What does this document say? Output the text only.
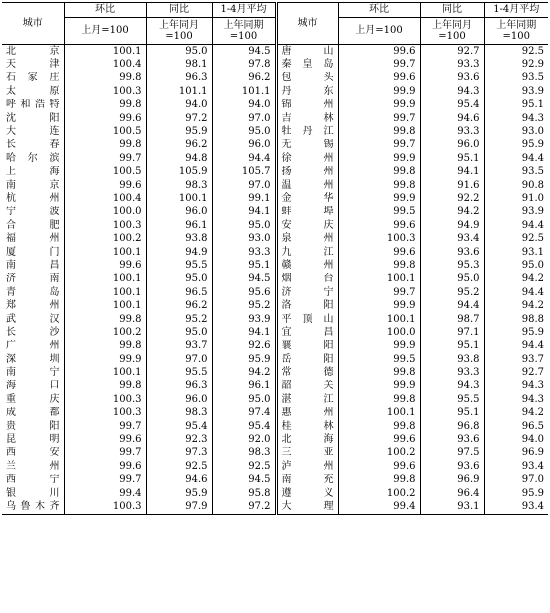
城市	环比	同比	1-4月平均	城市	环比	同比	1-4月平均
	上月=100	上年同月=100	上年同期=100		上月=100	上年同月=100	上年同期=100
北京	100.1	95.0	94.5	唐山	99.6	92.7	92.5
天津	100.4	98.1	97.8	秦皇岛	99.7	93.3	92.9
石家庄	99.8	96.3	96.2	包头	99.6	93.6	93.5
太原	100.3	101.1	101.1	丹东	99.9	94.3	93.9
呼和浩特	99.8	94.0	94.0	锦州	99.9	95.4	95.1
沈阳	99.6	97.2	97.0	吉林	99.7	94.6	94.3
大连	100.5	95.9	95.0	牡丹江	99.8	93.3	93.0
长春	99.8	96.2	96.0	无锡	99.7	96.0	95.9
哈尔滨	99.7	94.8	94.4	徐州	99.9	95.1	94.4
上海	100.5	105.9	105.7	扬州	99.8	94.1	93.5
南京	99.6	98.3	97.0	温州	99.8	91.6	90.8
杭州	100.4	100.1	99.1	金华	99.9	92.2	91.0
宁波	100.0	96.0	94.1	蚌埠	99.5	94.2	93.9
合肥	100.3	96.1	95.0	安庆	99.6	94.9	94.4
福州	100.2	93.8	93.0	泉州	100.3	93.4	92.5
厦门	100.1	94.9	93.3	九江	99.6	93.6	93.1
南昌	99.6	95.5	95.1	赣州	99.8	95.3	95.0
济南	100.1	95.0	94.5	烟台	100.1	95.0	94.2
青岛	100.1	96.5	95.6	济宁	99.7	95.2	94.4
郑州	100.1	96.2	95.2	洛阳	99.9	94.4	94.2
武汉	99.8	95.2	93.9	平顶山	100.1	98.7	98.8
长沙	100.2	95.0	94.1	宜昌	100.0	97.1	95.9
广州	99.8	93.7	92.6	襄阳	99.9	95.1	94.4
深圳	99.9	97.0	95.9	岳阳	99.5	93.8	93.7
南宁	100.1	95.5	94.2	常德	99.8	93.3	92.7
海口	99.8	96.3	96.1	韶关	99.9	94.3	94.3
重庆	100.3	96.0	95.0	湛江	99.8	95.5	94.3
成都	100.3	98.3	97.4	惠州	100.1	95.1	94.2
贵阳	99.7	95.4	95.4	桂林	99.8	96.8	96.5
昆明	99.6	92.3	92.0	北海	99.6	93.6	94.0
西安	99.7	97.3	98.3	三亚	100.2	97.5	96.9
兰州	99.6	92.5	92.5	泸州	99.6	93.6	93.4
西宁	99.7	94.6	94.5	南充	99.8	96.9	97.0
银川	99.4	95.9	95.8	遵义	100.2	96.4	95.9
乌鲁木齐	100.3	97.9	97.2	大理	99.4	93.1	93.4
